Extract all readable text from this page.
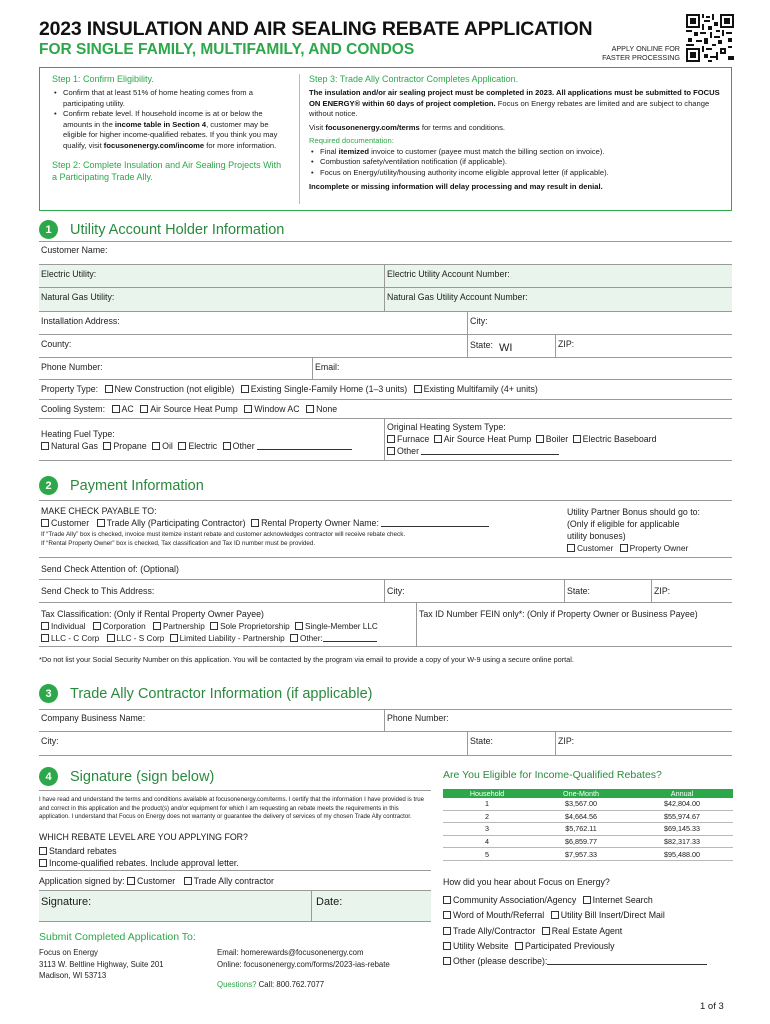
2023 INSULATION AND AIR SEALING REBATE APPLICATION
FOR SINGLE FAMILY, MULTIFAMILY, AND CONDOS	APPLY ONLINE FOR
FASTER PROCESSING
Step 1: Confirm Eligibility.
• Confirm that at least 51% of home heating comes from a participating utility.
• Confirm rebate level. If household income is at or below the amounts in the income table in Section 4, customer may be eligible for higher income-qualified rebates. If you think you may qualify, visit focusonenergy.com/income for more information.
Step 2: Complete Insulation and Air Sealing Projects With a Participating Trade Ally.
Step 3: Trade Ally Contractor Completes Application.
The insulation and/or air sealing project must be completed in 2023. All applications must be submitted to FOCUS ON ENERGY® within 60 days of project completion. Focus on Energy rebates are limited and are subject to change without notice.
Visit focusonenergy.com/terms for terms and conditions.
Required documentation:
• Final itemized invoice to customer (payee must match the billing section on invoice).
• Combustion safety/ventilation notification (if applicable).
• Focus on Energy/utility/housing authority income eligible approval letter (if applicable).
Incomplete or missing information will delay processing and may result in denial.
1	Utility Account Holder Information
Customer Name:
Electric Utility:	Electric Utility Account Number:
Natural Gas Utility:	Natural Gas Utility Account Number:
Installation Address:	City:
County:	State: WI	ZIP:
Phone Number:	Email:
Property Type: New Construction (not eligible) Existing Single-Family Home (1–3 units) Existing Multifamily (4+ units)
Cooling System: AC Air Source Heat Pump Window AC None
Heating Fuel Type:
Natural Gas Propane Oil Electric Other
Original Heating System Type:
Furnace Air Source Heat Pump Boiler Electric Baseboard
Other
2	Payment Information
MAKE CHECK PAYABLE TO:
Customer Trade Ally (Participating Contractor) Rental Property Owner Name:
If “Trade Ally” box is checked, invoice must itemize instant rebate and customer acknowledges contractor will receive rebate check.
If “Rental Property Owner” box is checked, Tax classification and Tax ID number must be provided.
Utility Partner Bonus should go to:
(Only if eligible for applicable
utility bonuses)
Customer Property Owner
Send Check Attention of: (Optional)
Send Check to This Address:	City:	State:	ZIP:
Tax Classification: (Only if Rental Property Owner Payee)
Individual Corporation Partnership Sole Proprietorship Single-Member LLC
LLC - C Corp LLC - S Corp Limited Liability - Partnership Other:
Tax ID Number FEIN only*: (Only if Property Owner or Business Payee)
*Do not list your Social Security Number on this application. You will be contacted by the program via email to provide a copy of your W-9 using a secure online portal.
3	Trade Ally Contractor Information (if applicable)
Company Business Name:	Phone Number:
City:	State:	ZIP:
4	Signature (sign below)
I have read and understand the terms and conditions available at focusonenergy.com/terms. I certify that the information I have provided is true and correct in this application and the product(s) and/or equipment for which I am requesting an rebate meets the requirements in this application. I understand that Focus on Energy does not warranty or guarantee the delivery of services of my chosen Trade Ally contractor.
WHICH REBATE LEVEL ARE YOU APPLYING FOR?
Standard rebates
Income-qualified rebates. Include approval letter.
Application signed by: Customer Trade Ally contractor
Signature:	Date:
Submit Completed Application To:
Focus on Energy
3113 W. Beltline Highway, Suite 201
Madison, WI 53713
Email: homerewards@focusonenergy.com
Online: focusonenergy.com/forms/2023-ias-rebate
Questions? Call: 800.762.7077
Are You Eligible for Income-Qualified Rebates?
Household	One-Month	Annual
1	$3,567.00	$42,804.00
2	$4,664.56	$55,974.67
3	$5,762.11	$69,145.33
4	$6,859.77	$82,317.33
5	$7,957.33	$95,488.00
How did you hear about Focus on Energy?
Community Association/Agency Internet Search
Word of Mouth/Referral Utility Bill Insert/Direct Mail
Trade Ally/Contractor Real Estate Agent
Utility Website Participated Previously
Other (please describe):
1 of 3
